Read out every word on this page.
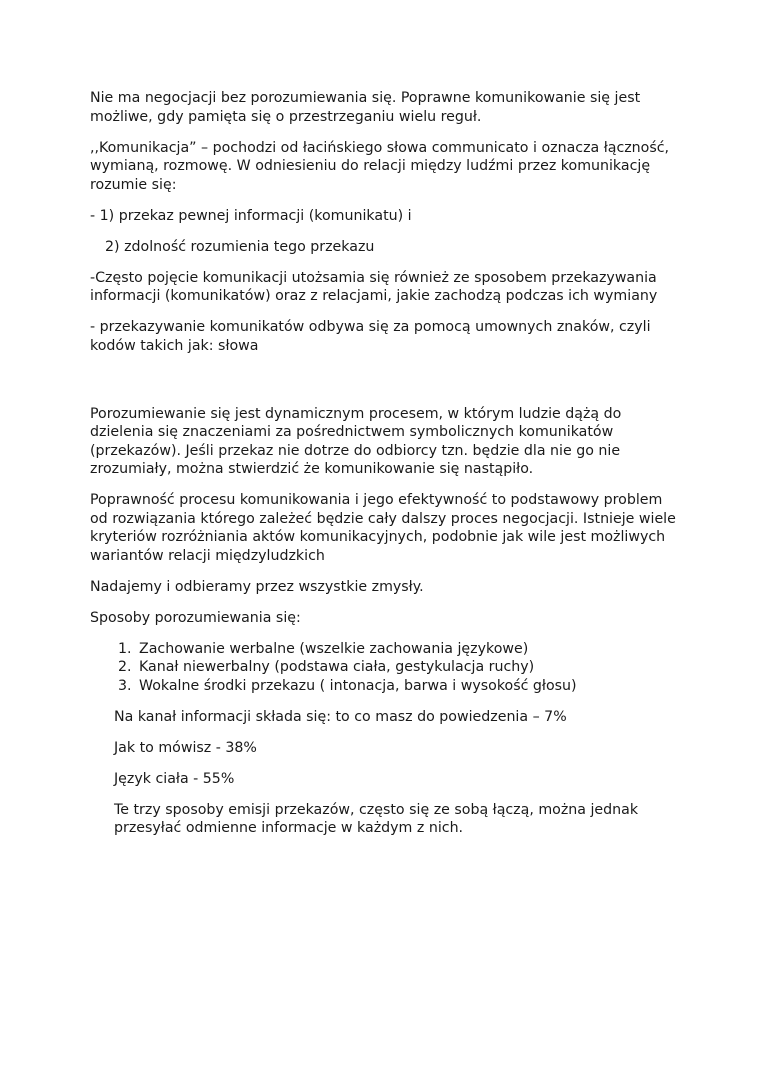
Nie ma negocjacji bez porozumiewania się. Poprawne komunikowanie się jest możliwe, gdy pamięta się o przestrzeganiu wielu reguł.

,,Komunikacja” – pochodzi od łacińskiego słowa communicato i oznacza łączność, wymianą, rozmowę. W odniesieniu do relacji między ludźmi przez komunikację rozumie się:

- 1) przekaz pewnej informacji (komunikatu) i

2) zdolność rozumienia tego przekazu

-Często pojęcie komunikacji utożsamia się również ze sposobem przekazywania informacji (komunikatów) oraz z relacjami, jakie zachodzą podczas ich wymiany

- przekazywanie komunikatów odbywa się za pomocą umownych znaków, czyli kodów takich jak: słowa

Porozumiewanie się jest dynamicznym procesem, w którym ludzie dążą do dzielenia się znaczeniami za pośrednictwem symbolicznych komunikatów (przekazów). Jeśli przekaz nie dotrze do odbiorcy tzn. będzie dla nie go nie zrozumiały, można stwierdzić że komunikowanie się nastąpiło.

Poprawność procesu komunikowania i jego efektywność to podstawowy problem od rozwiązania którego zależeć będzie cały dalszy proces negocjacji. Istnieje wiele kryteriów rozróżniania aktów komunikacyjnych, podobnie jak wile jest możliwych wariantów relacji międzyludzkich

Nadajemy i odbieramy przez wszystkie zmysły.

Sposoby porozumiewania się:

1. Zachowanie werbalne (wszelkie zachowania językowe)
2. Kanał niewerbalny (podstawa ciała, gestykulacja ruchy)
3. Wokalne środki przekazu ( intonacja, barwa i wysokość głosu)

Na kanał informacji składa się: to co masz do powiedzenia – 7%

Jak to mówisz - 38%

Język ciała - 55%

Te trzy sposoby emisji przekazów, często się ze sobą łączą, można jednak przesyłać odmienne informacje w każdym z nich.
